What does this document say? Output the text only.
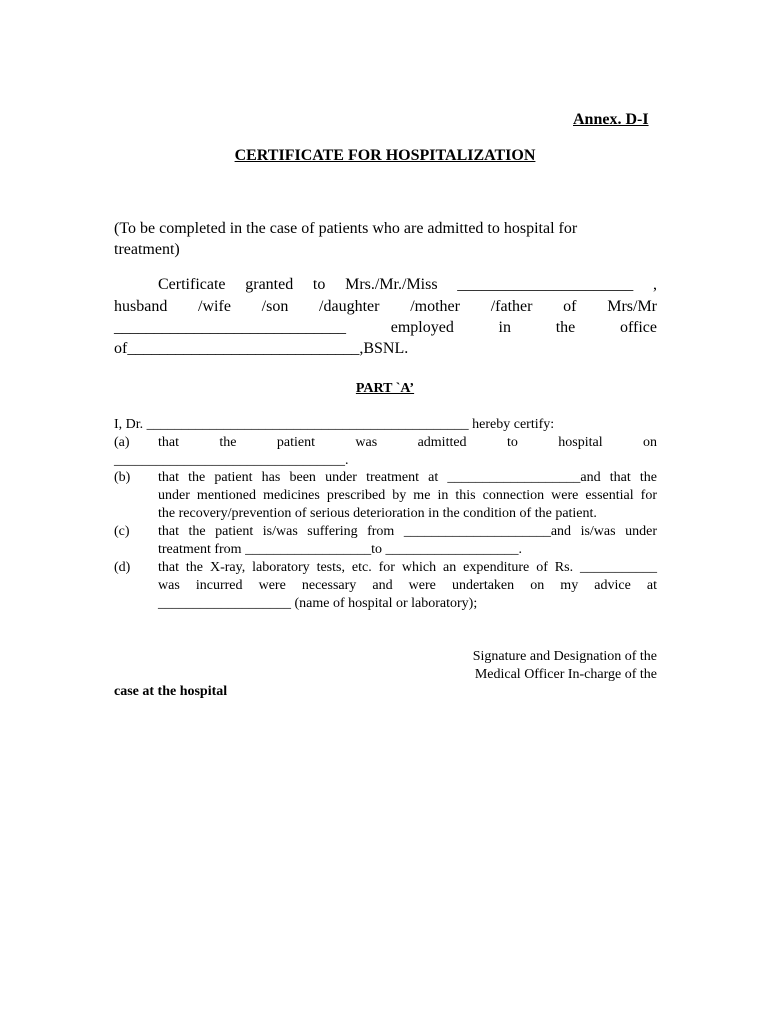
Annex. D-I
CERTIFICATE FOR HOSPITALIZATION
(To be completed in the case of patients who are admitted to hospital for
treatment)
Certificate granted to Mrs./Mr./Miss ______________________ ,
husband /wife /son /daughter /mother /father of Mrs/Mr
_____________________________ employed in the office
of_____________________________,BSNL.
PART `A’
I, Dr. ______________________________________________ hereby certify:
(a) that the patient was admitted to hospital on
_________________________________.
(b) that the patient has been under treatment at ___________________and that the
under mentioned medicines prescribed by me in this connection were essential for
the recovery/prevention of serious deterioration in the condition of the patient.
(c) that the patient is/was suffering from _____________________and is/was under
treatment from __________________to ___________________.
(d) that the X-ray, laboratory tests, etc. for which an expenditure of Rs. ___________
was incurred were necessary and were undertaken on my advice at
___________________ (name of hospital or laboratory);
Signature and Designation of the
Medical Officer In-charge of the
case at the hospital
